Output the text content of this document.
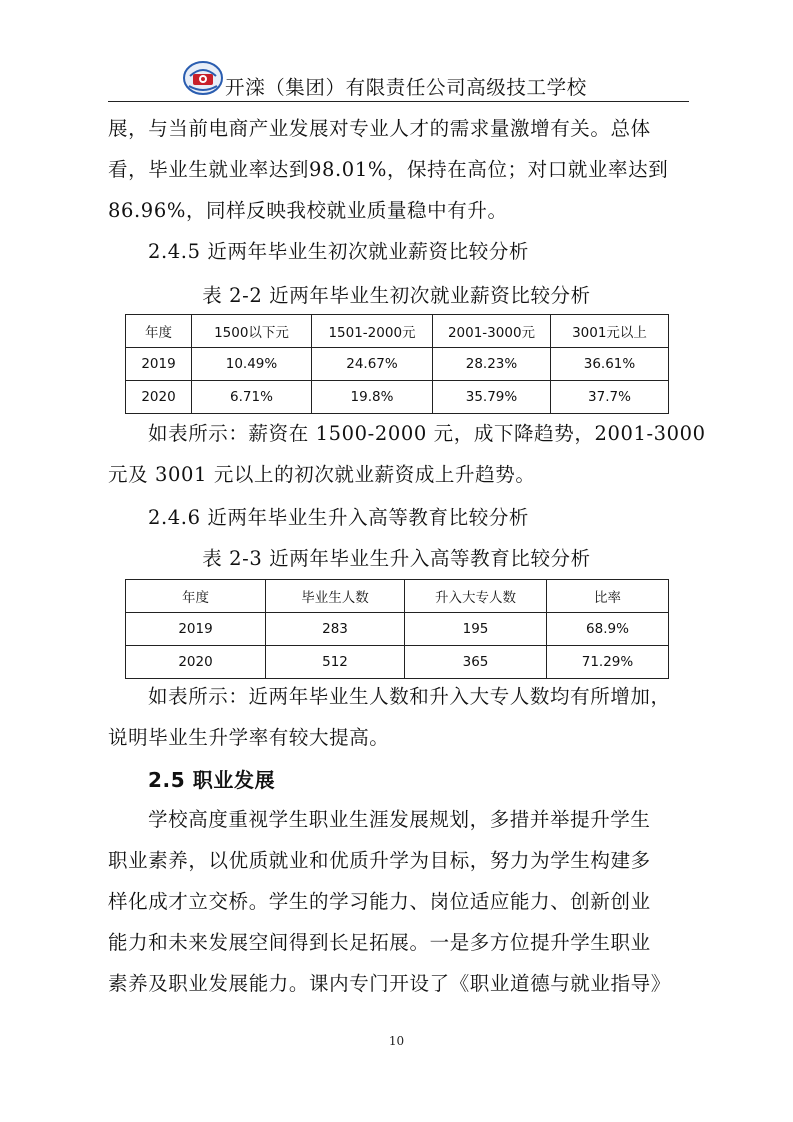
开滦（集团）有限责任公司高级技工学校
展，与当前电商产业发展对专业人才的需求量激增有关。总体
看，毕业生就业率达到98.01%，保持在高位；对口就业率达到
86.96%，同样反映我校就业质量稳中有升。

2.4.5 近两年毕业生初次就业薪资比较分析

表 2-2 近两年毕业生初次就业薪资比较分析

年度	1500以下元	1501-2000元	2001-3000元	3001元以上
2019	10.49%	24.67%	28.23%	36.61%
2020	6.71%	19.8%	35.79%	37.7%
如表所示：薪资在 1500-2000 元，成下降趋势，2001-3000
元及 3001 元以上的初次就业薪资成上升趋势。

2.4.6 近两年毕业生升入高等教育比较分析

表 2-3 近两年毕业生升入高等教育比较分析

年度	毕业生人数	升入大专人数	比率
2019	283	195	68.9%
2020	512	365	71.29%
如表所示：近两年毕业生人数和升入大专人数均有所增加，
说明毕业生升学率有较大提高。

2.5 职业发展

学校高度重视学生职业生涯发展规划，多措并举提升学生
职业素养，以优质就业和优质升学为目标，努力为学生构建多
样化成才立交桥。学生的学习能力、岗位适应能力、创新创业
能力和未来发展空间得到长足拓展。一是多方位提升学生职业
素养及职业发展能力。课内专门开设了《职业道德与就业指导》
10
